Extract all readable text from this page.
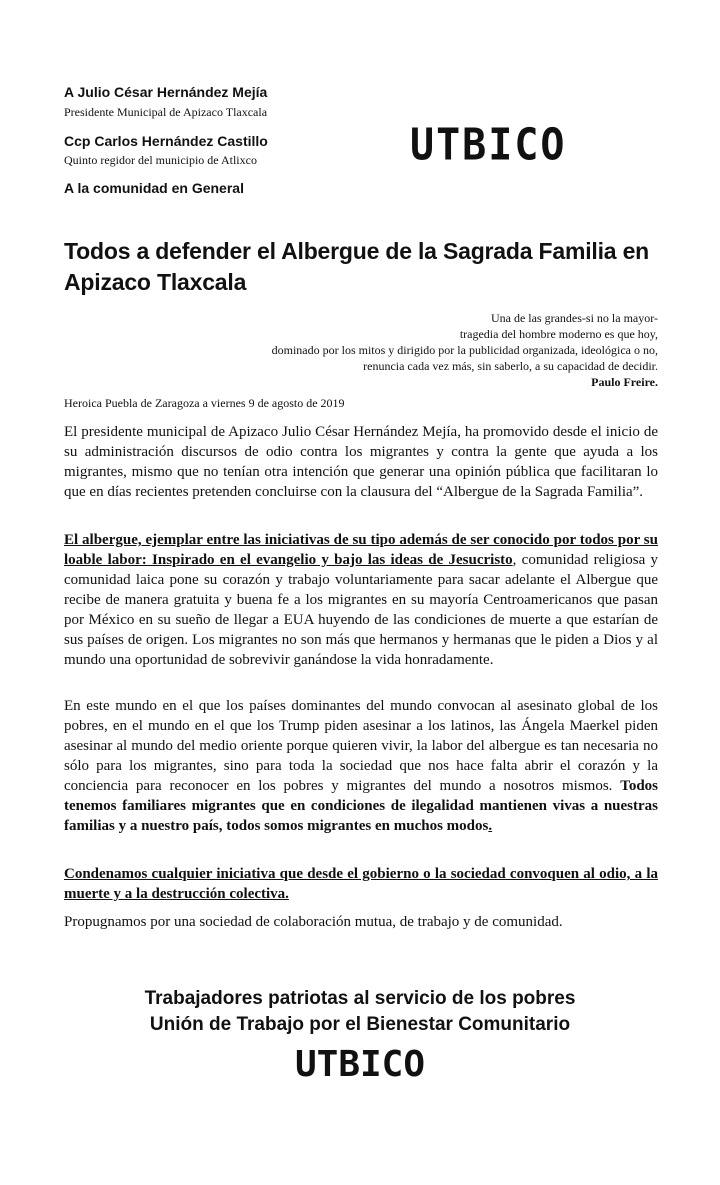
A Julio César Hernández Mejía
Presidente Municipal de Apizaco Tlaxcala
Ccp Carlos Hernández Castillo
Quinto regidor del municipio de Atlixco
A la comunidad en General
UTBICO
Todos a defender el Albergue de la Sagrada Familia en Apizaco Tlaxcala
Una de las grandes-si no la mayor-
tragedia del hombre moderno es que hoy,
dominado por los mitos y dirigido por la publicidad organizada, ideológica o no,
renuncia cada vez más, sin saberlo, a su capacidad de decidir.
Paulo Freire.
Heroica Puebla de Zaragoza a viernes 9 de agosto de 2019
El presidente municipal de Apizaco Julio César Hernández Mejía, ha promovido desde el inicio de su administración discursos de odio contra los migrantes y contra la gente que ayuda a los migrantes, mismo que no tenían otra intención que generar una opinión pública que facilitaran lo que en días recientes pretenden concluirse con la clausura del “Albergue de la Sagrada Familia”.
El albergue, ejemplar entre las iniciativas de su tipo además de ser conocido por todos por su loable labor: Inspirado en el evangelio y bajo las ideas de Jesucristo, comunidad religiosa y comunidad laica pone su corazón y trabajo voluntariamente para sacar adelante el Albergue que recibe de manera gratuita y buena fe a los migrantes en su mayoría Centroamericanos que pasan por México en su sueño de llegar a EUA huyendo de las condiciones de muerte a que estarían de sus países de origen. Los migrantes no son más que hermanos y hermanas que le piden a Dios y al mundo una oportunidad de sobrevivir ganándose la vida honradamente.
En este mundo en el que los países dominantes del mundo convocan al asesinato global de los pobres, en el mundo en el que los Trump piden asesinar a los latinos, las Ángela Maerkel piden asesinar al mundo del medio oriente porque quieren vivir, la labor del albergue es tan necesaria no sólo para los migrantes, sino para toda la sociedad que nos hace falta abrir el corazón y la conciencia para reconocer en los pobres y migrantes del mundo a nosotros mismos. Todos tenemos familiares migrantes que en condiciones de ilegalidad mantienen vivas a nuestras familias y a nuestro país, todos somos migrantes en muchos modos.
Condenamos cualquier iniciativa que desde el gobierno o la sociedad convoquen al odio, a la muerte y a la destrucción colectiva.
Propugnamos por una sociedad de colaboración mutua, de trabajo y de comunidad.
Trabajadores patriotas al servicio de los pobres
Unión de Trabajo por el Bienestar Comunitario
UTBICO
